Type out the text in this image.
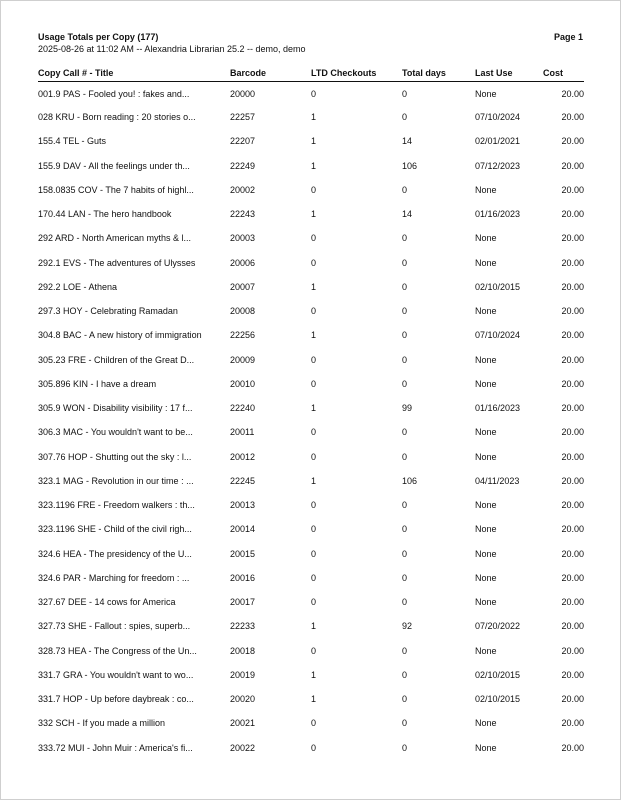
Usage Totals per Copy (177)	Page 1
2025-08-26 at 11:02 AM -- Alexandria Librarian 25.2 -- demo, demo
Copy Call # - Title	Barcode	LTD Checkouts	Total days	Last Use	Cost
001.9 PAS - Fooled you! : fakes and...	20000	0	0	None	20.00
028 KRU - Born reading : 20 stories o...	22257	1	0	07/10/2024	20.00
155.4 TEL - Guts	22207	1	14	02/01/2021	20.00
155.9 DAV - All the feelings under th...	22249	1	106	07/12/2023	20.00
158.0835 COV - The 7 habits of highl...	20002	0	0	None	20.00
170.44 LAN - The hero handbook	22243	1	14	01/16/2023	20.00
292 ARD - North American myths & l...	20003	0	0	None	20.00
292.1 EVS - The adventures of Ulysses	20006	0	0	None	20.00
292.2 LOE - Athena	20007	1	0	02/10/2015	20.00
297.3 HOY - Celebrating Ramadan	20008	0	0	None	20.00
304.8 BAC - A new history of immigration	22256	1	0	07/10/2024	20.00
305.23 FRE - Children of the Great D...	20009	0	0	None	20.00
305.896 KIN - I have a dream	20010	0	0	None	20.00
305.9 WON - Disability visibility : 17 f...	22240	1	99	01/16/2023	20.00
306.3 MAC - You wouldn't want to be...	20011	0	0	None	20.00
307.76 HOP - Shutting out the sky : l...	20012	0	0	None	20.00
323.1 MAG - Revolution in our time : ...	22245	1	106	04/11/2023	20.00
323.1196 FRE - Freedom walkers : th...	20013	0	0	None	20.00
323.1196 SHE - Child of the civil righ...	20014	0	0	None	20.00
324.6 HEA - The presidency of the U...	20015	0	0	None	20.00
324.6 PAR - Marching for freedom : ...	20016	0	0	None	20.00
327.67 DEE - 14 cows for America	20017	0	0	None	20.00
327.73 SHE - Fallout : spies, superb...	22233	1	92	07/20/2022	20.00
328.73 HEA - The Congress of the Un...	20018	0	0	None	20.00
331.7 GRA - You wouldn't want to wo...	20019	1	0	02/10/2015	20.00
331.7 HOP - Up before daybreak : co...	20020	1	0	02/10/2015	20.00
332 SCH - If you made a million	20021	0	0	None	20.00
333.72 MUI - John Muir : America's fi...	20022	0	0	None	20.00
